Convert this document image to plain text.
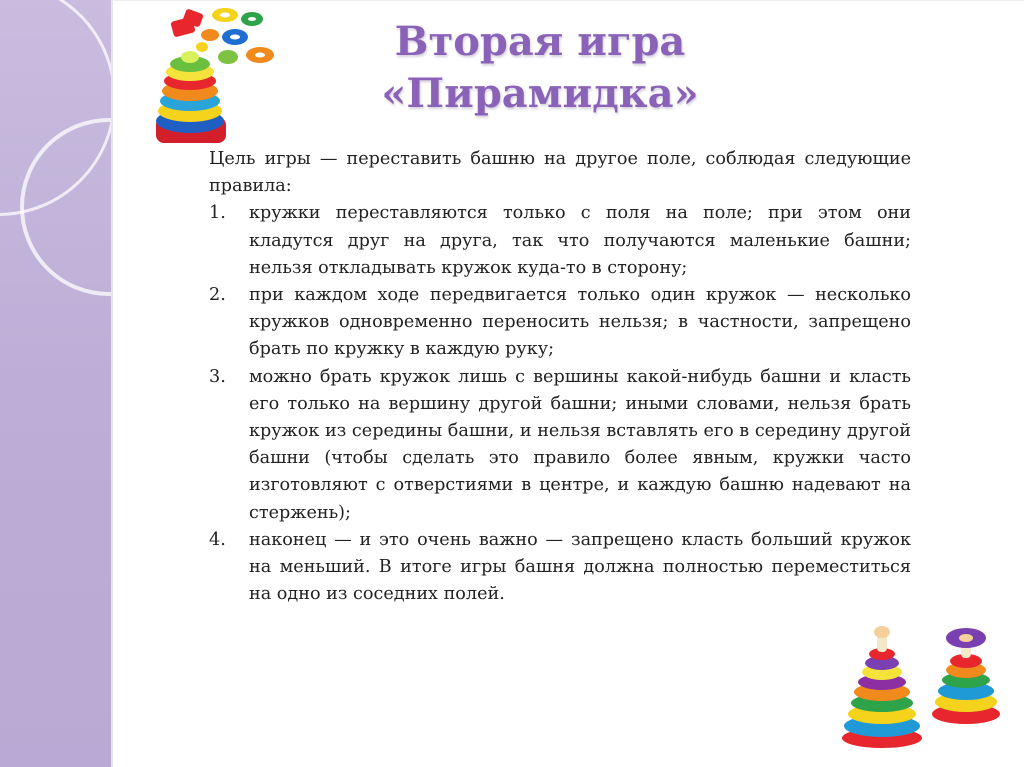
Вторая игра
«Пирамидка»

Цель игры — переставить башню на другое поле, соблюдая следующие правила:

1.	кружки переставляются только с поля на поле; при этом они кладутся друг на друга, так что получаются маленькие башни; нельзя откладывать кружок куда-то в сторону;
2.	при каждом ходе передвигается только один кружок — несколько кружков одновременно переносить нельзя; в частности, запрещено брать по кружку в каждую руку;
3.	можно брать кружок лишь с вершины какой-нибудь башни и класть его только на вершину другой башни; иными словами, нельзя брать кружок из середины башни, и нельзя вставлять его в середину другой башни (чтобы сделать это правило более явным, кружки часто изготовляют с отверстиями в центре, и каждую башню надевают на стержень);
4.	наконец — и это очень важно — запрещено класть больший кружок на меньший. В итоге игры башня должна полностью переместиться на одно из соседних полей.
